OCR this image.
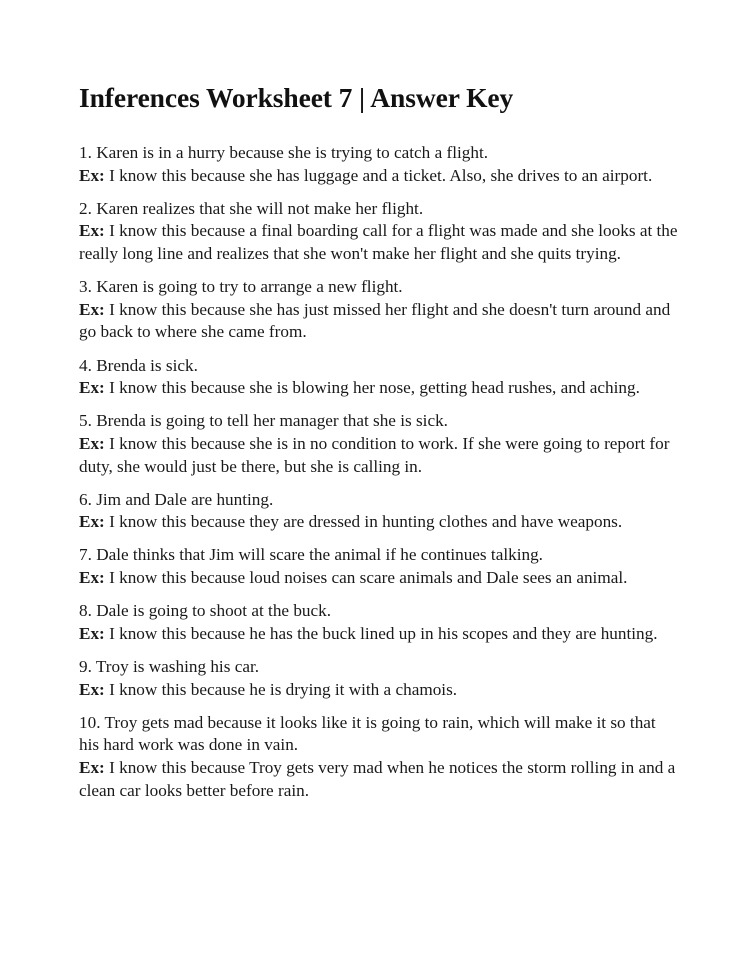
Inferences Worksheet 7 | Answer Key

1. Karen is in a hurry because she is trying to catch a flight.

Ex: I know this because she has luggage and a ticket. Also, she drives to an airport.

2. Karen realizes that she will not make her flight.

Ex: I know this because a final boarding call for a flight was made and she looks at the really long line and realizes that she won't make her flight and she quits trying.

3. Karen is going to try to arrange a new flight.

Ex: I know this because she has just missed her flight and she doesn't turn around and go back to where she came from.

4. Brenda is sick.

Ex: I know this because she is blowing her nose, getting head rushes, and aching.

5. Brenda is going to tell her manager that she is sick.

Ex: I know this because she is in no condition to work. If she were going to report for duty, she would just be there, but she is calling in.

6. Jim and Dale are hunting.

Ex: I know this because they are dressed in hunting clothes and have weapons.

7. Dale thinks that Jim will scare the animal if he continues talking.

Ex: I know this because loud noises can scare animals and Dale sees an animal.

8. Dale is going to shoot at the buck.

Ex: I know this because he has the buck lined up in his scopes and they are hunting.

9. Troy is washing his car.

Ex: I know this because he is drying it with a chamois.

10. Troy gets mad because it looks like it is going to rain, which will make it so that his hard work was done in vain.

Ex: I know this because Troy gets very mad when he notices the storm rolling in and a clean car looks better before rain.
